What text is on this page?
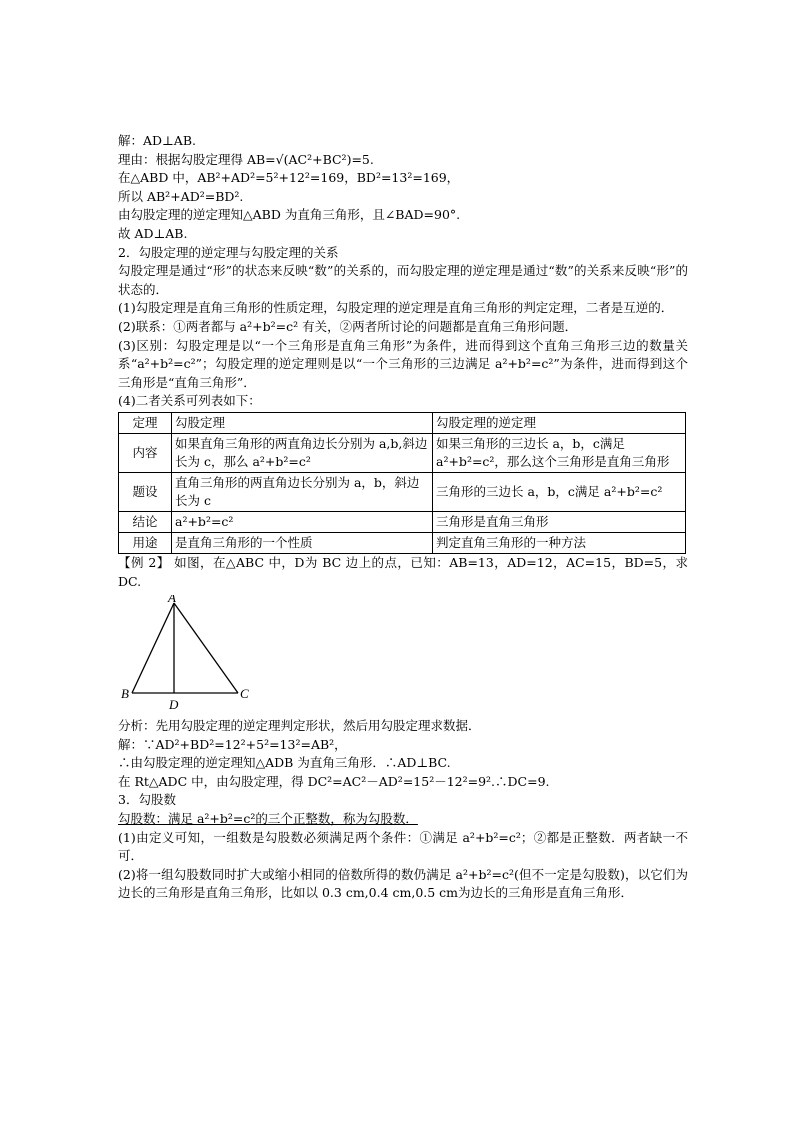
解：AD⊥AB.
理由：根据勾股定理得 AB=√(AC²+BC²)=5.
在△ABD 中，AB²+AD²=5²+12²=169，BD²=13²=169，
所以 AB²+AD²=BD².
由勾股定理的逆定理知△ABD 为直角三角形，且∠BAD=90°.
故 AD⊥AB.
2．勾股定理的逆定理与勾股定理的关系
勾股定理是通过“形”的状态来反映“数”的关系的，而勾股定理的逆定理是通过“数”的关系来反映“形”的状态的．
(1)勾股定理是直角三角形的性质定理，勾股定理的逆定理是直角三角形的判定定理，二者是互逆的．
(2)联系：①两者都与 a²+b²=c² 有关，②两者所讨论的问题都是直角三角形问题．
(3)区别：勾股定理是以“一个三角形是直角三角形”为条件，进而得到这个直角三角形三边的数量关系“a²+b²=c²”；勾股定理的逆定理则是以“一个三角形的三边满足 a²+b²=c²”为条件，进而得到这个三角形是“直角三角形”．
(4)二者关系可列表如下：
定理	勾股定理	勾股定理的逆定理
内容	如果直角三角形的两直角边长分别为 a,b,斜边长为 c，那么 a²+b²=c²	如果三角形的三边长 a，b，c满足 a²+b²=c²，那么这个三角形是直角三角形
题设	直角三角形的两直角边长分别为 a，b，斜边长为 c	三角形的三边长 a，b，c满足 a²+b²=c²
结论	a²+b²=c²	三角形是直角三角形
用途	是直角三角形的一个性质	判定直角三角形的一种方法
【例 2】 如图，在△ABC 中，D为 BC 边上的点，已知：AB=13，AD=12，AC=15，BD=5，求 DC.
A
B	C
D
分析：先用勾股定理的逆定理判定形状，然后用勾股定理求数据．
解：∵AD²+BD²=12²+5²=13²=AB²，
∴由勾股定理的逆定理知△ADB 为直角三角形．∴AD⊥BC.
在 Rt△ADC 中，由勾股定理，得 DC²=AC²－AD²=15²－12²=9².∴DC=9.
3．勾股数
勾股数：满足 a²+b²=c²的三个正整数，称为勾股数．
(1)由定义可知，一组数是勾股数必须满足两个条件：①满足 a²+b²=c²；②都是正整数．两者缺一不可．
(2)将一组勾股数同时扩大或缩小相同的倍数所得的数仍满足 a²+b²=c²(但不一定是勾股数)，以它们为边长的三角形是直角三角形，比如以 0.3 cm,0.4 cm,0.5 cm为边长的三角形是直角三角形．
